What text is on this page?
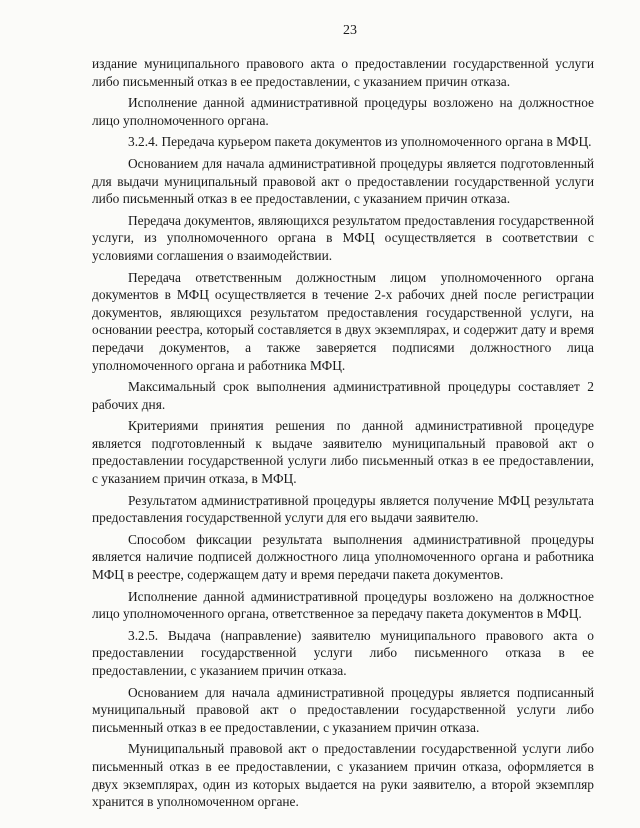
23

издание муниципального правового акта о предоставлении государственной услуги либо письменный отказ в ее предоставлении, с указанием причин отказа.

Исполнение данной административной процедуры возложено на должностное лицо уполномоченного органа.

3.2.4. Передача курьером пакета документов из уполномоченного органа в МФЦ.

Основанием для начала административной процедуры является подготовленный для выдачи муниципальный правовой акт о предоставлении государственной услуги либо письменный отказ в ее предоставлении, с указанием причин отказа.

Передача документов, являющихся результатом предоставления государственной услуги, из уполномоченного органа в МФЦ осуществляется в соответствии с условиями соглашения о взаимодействии.

Передача ответственным должностным лицом уполномоченного органа документов в МФЦ осуществляется в течение 2-х рабочих дней после регистрации документов, являющихся результатом предоставления государственной услуги, на основании реестра, который составляется в двух экземплярах, и содержит дату и время передачи документов, а также заверяется подписями должностного лица уполномоченного органа и работника МФЦ.

Максимальный срок выполнения административной процедуры составляет 2 рабочих дня.

Критериями принятия решения по данной административной процедуре является подготовленный к выдаче заявителю муниципальный правовой акт о предоставлении государственной услуги либо письменный отказ в ее предоставлении, с указанием причин отказа, в МФЦ.

Результатом административной процедуры является получение МФЦ результата предоставления государственной услуги для его выдачи заявителю.

Способом фиксации результата выполнения административной процедуры является наличие подписей должностного лица уполномоченного органа и работника МФЦ в реестре, содержащем дату и время передачи пакета документов.

Исполнение данной административной процедуры возложено на должностное лицо уполномоченного органа, ответственное за передачу пакета документов в МФЦ.

3.2.5. Выдача (направление) заявителю муниципального правового акта о предоставлении государственной услуги либо письменного отказа в ее предоставлении, с указанием причин отказа.

Основанием для начала административной процедуры является подписанный муниципальный правовой акт о предоставлении государственной услуги либо письменный отказ в ее предоставлении, с указанием причин отказа.

Муниципальный правовой акт о предоставлении государственной услуги либо письменный отказ в ее предоставлении, с указанием причин отказа, оформляется в двух экземплярах, один из которых выдается на руки заявителю, а второй экземпляр хранится в уполномоченном органе.
